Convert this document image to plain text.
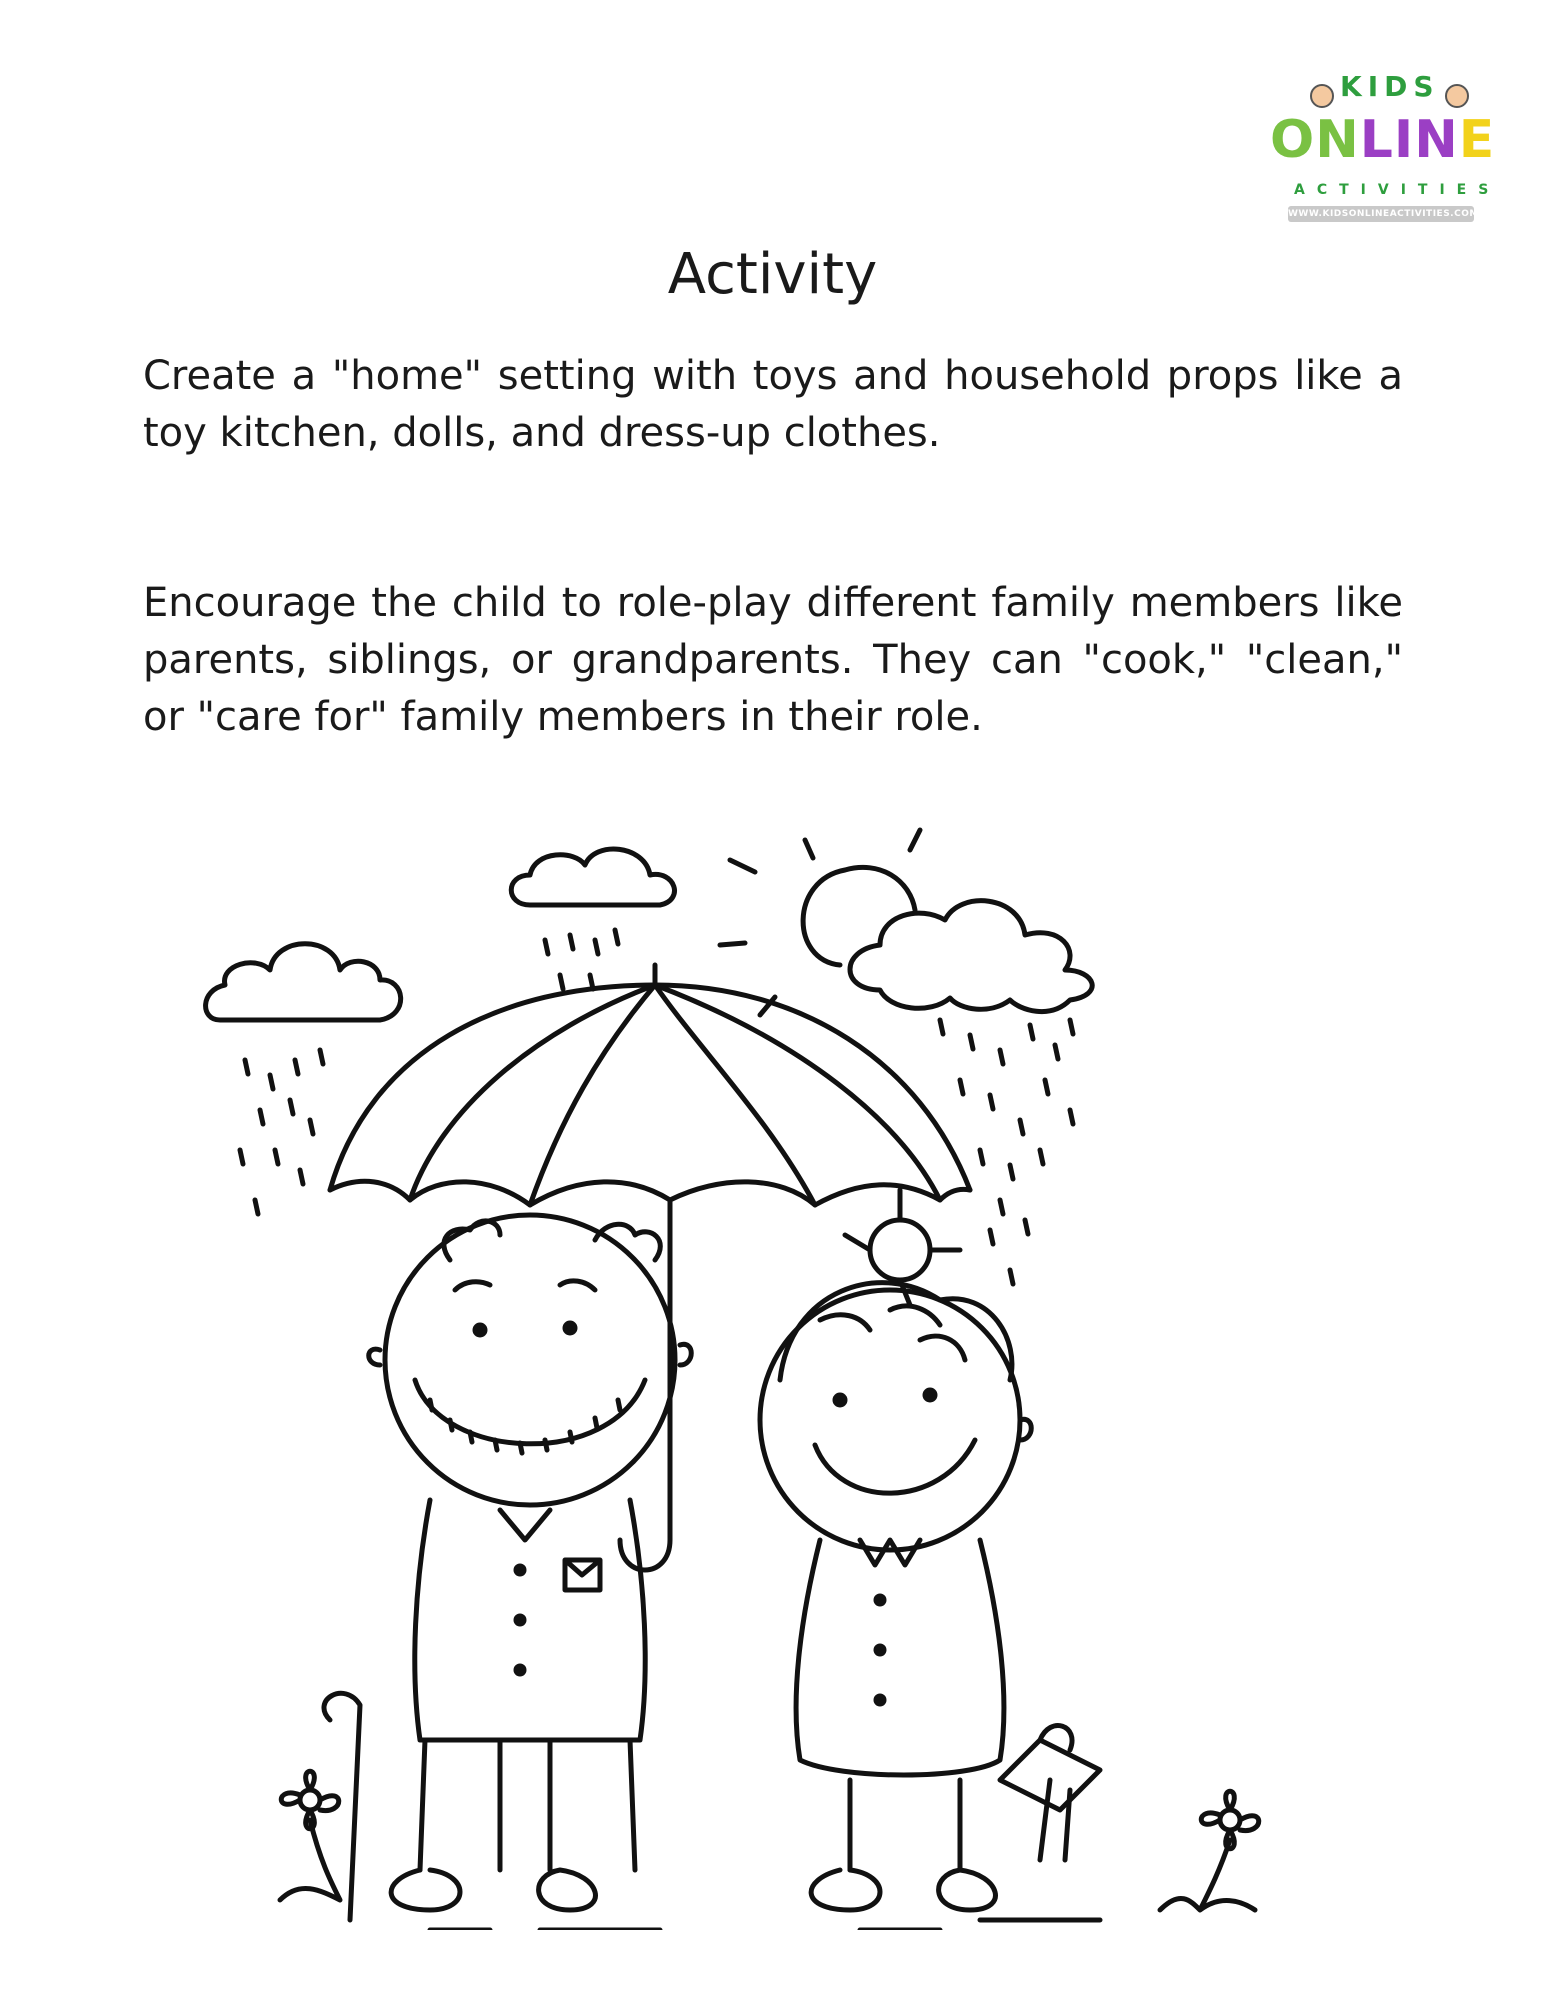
KIDS
ONLINE
ACTIVITIES
WWW.KIDSONLINEACTIVITIES.COM
Activity
Create a "home" setting with toys and household props like a toy kitchen, dolls, and dress-up clothes.
Encourage the child to role-play different family members like parents, siblings, or grandparents. They can "cook," "clean," or "care for" family members in their role.
